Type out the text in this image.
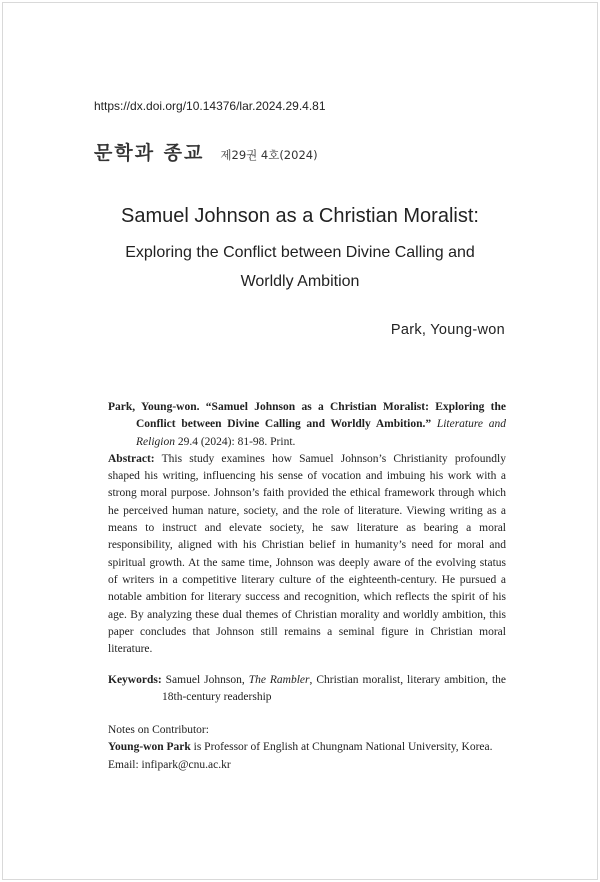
https://dx.doi.org/10.14376/lar.2024.29.4.81
문학과 종교 제29권 4호(2024)
Samuel Johnson as a Christian Moralist:
Exploring the Conflict between Divine Calling and Worldly Ambition
Park, Young-won

Park, Young-won. “Samuel Johnson as a Christian Moralist: Exploring the Conflict between Divine Calling and Worldly Ambition.” Literature and Religion 29.4 (2024): 81-98. Print.

Abstract: This study examines how Samuel Johnson’s Christianity profoundly shaped his writing, influencing his sense of vocation and imbuing his work with a strong moral purpose. Johnson’s faith provided the ethical framework through which he perceived human nature, society, and the role of literature. Viewing writing as a means to instruct and elevate society, he saw literature as bearing a moral responsibility, aligned with his Christian belief in humanity’s need for moral and spiritual growth. At the same time, Johnson was deeply aware of the evolving status of writers in a competitive literary culture of the eighteenth-century. He pursued a notable ambition for literary success and recognition, which reflects the spirit of his age. By analyzing these dual themes of Christian morality and worldly ambition, this paper concludes that Johnson still remains a seminal figure in Christian moral literature.

Keywords: Samuel Johnson, The Rambler, Christian moralist, literary ambition, the 18th-century readership

Notes on Contributor:

Young-won Park is Professor of English at Chungnam National University, Korea.

Email: infipark@cnu.ac.kr
